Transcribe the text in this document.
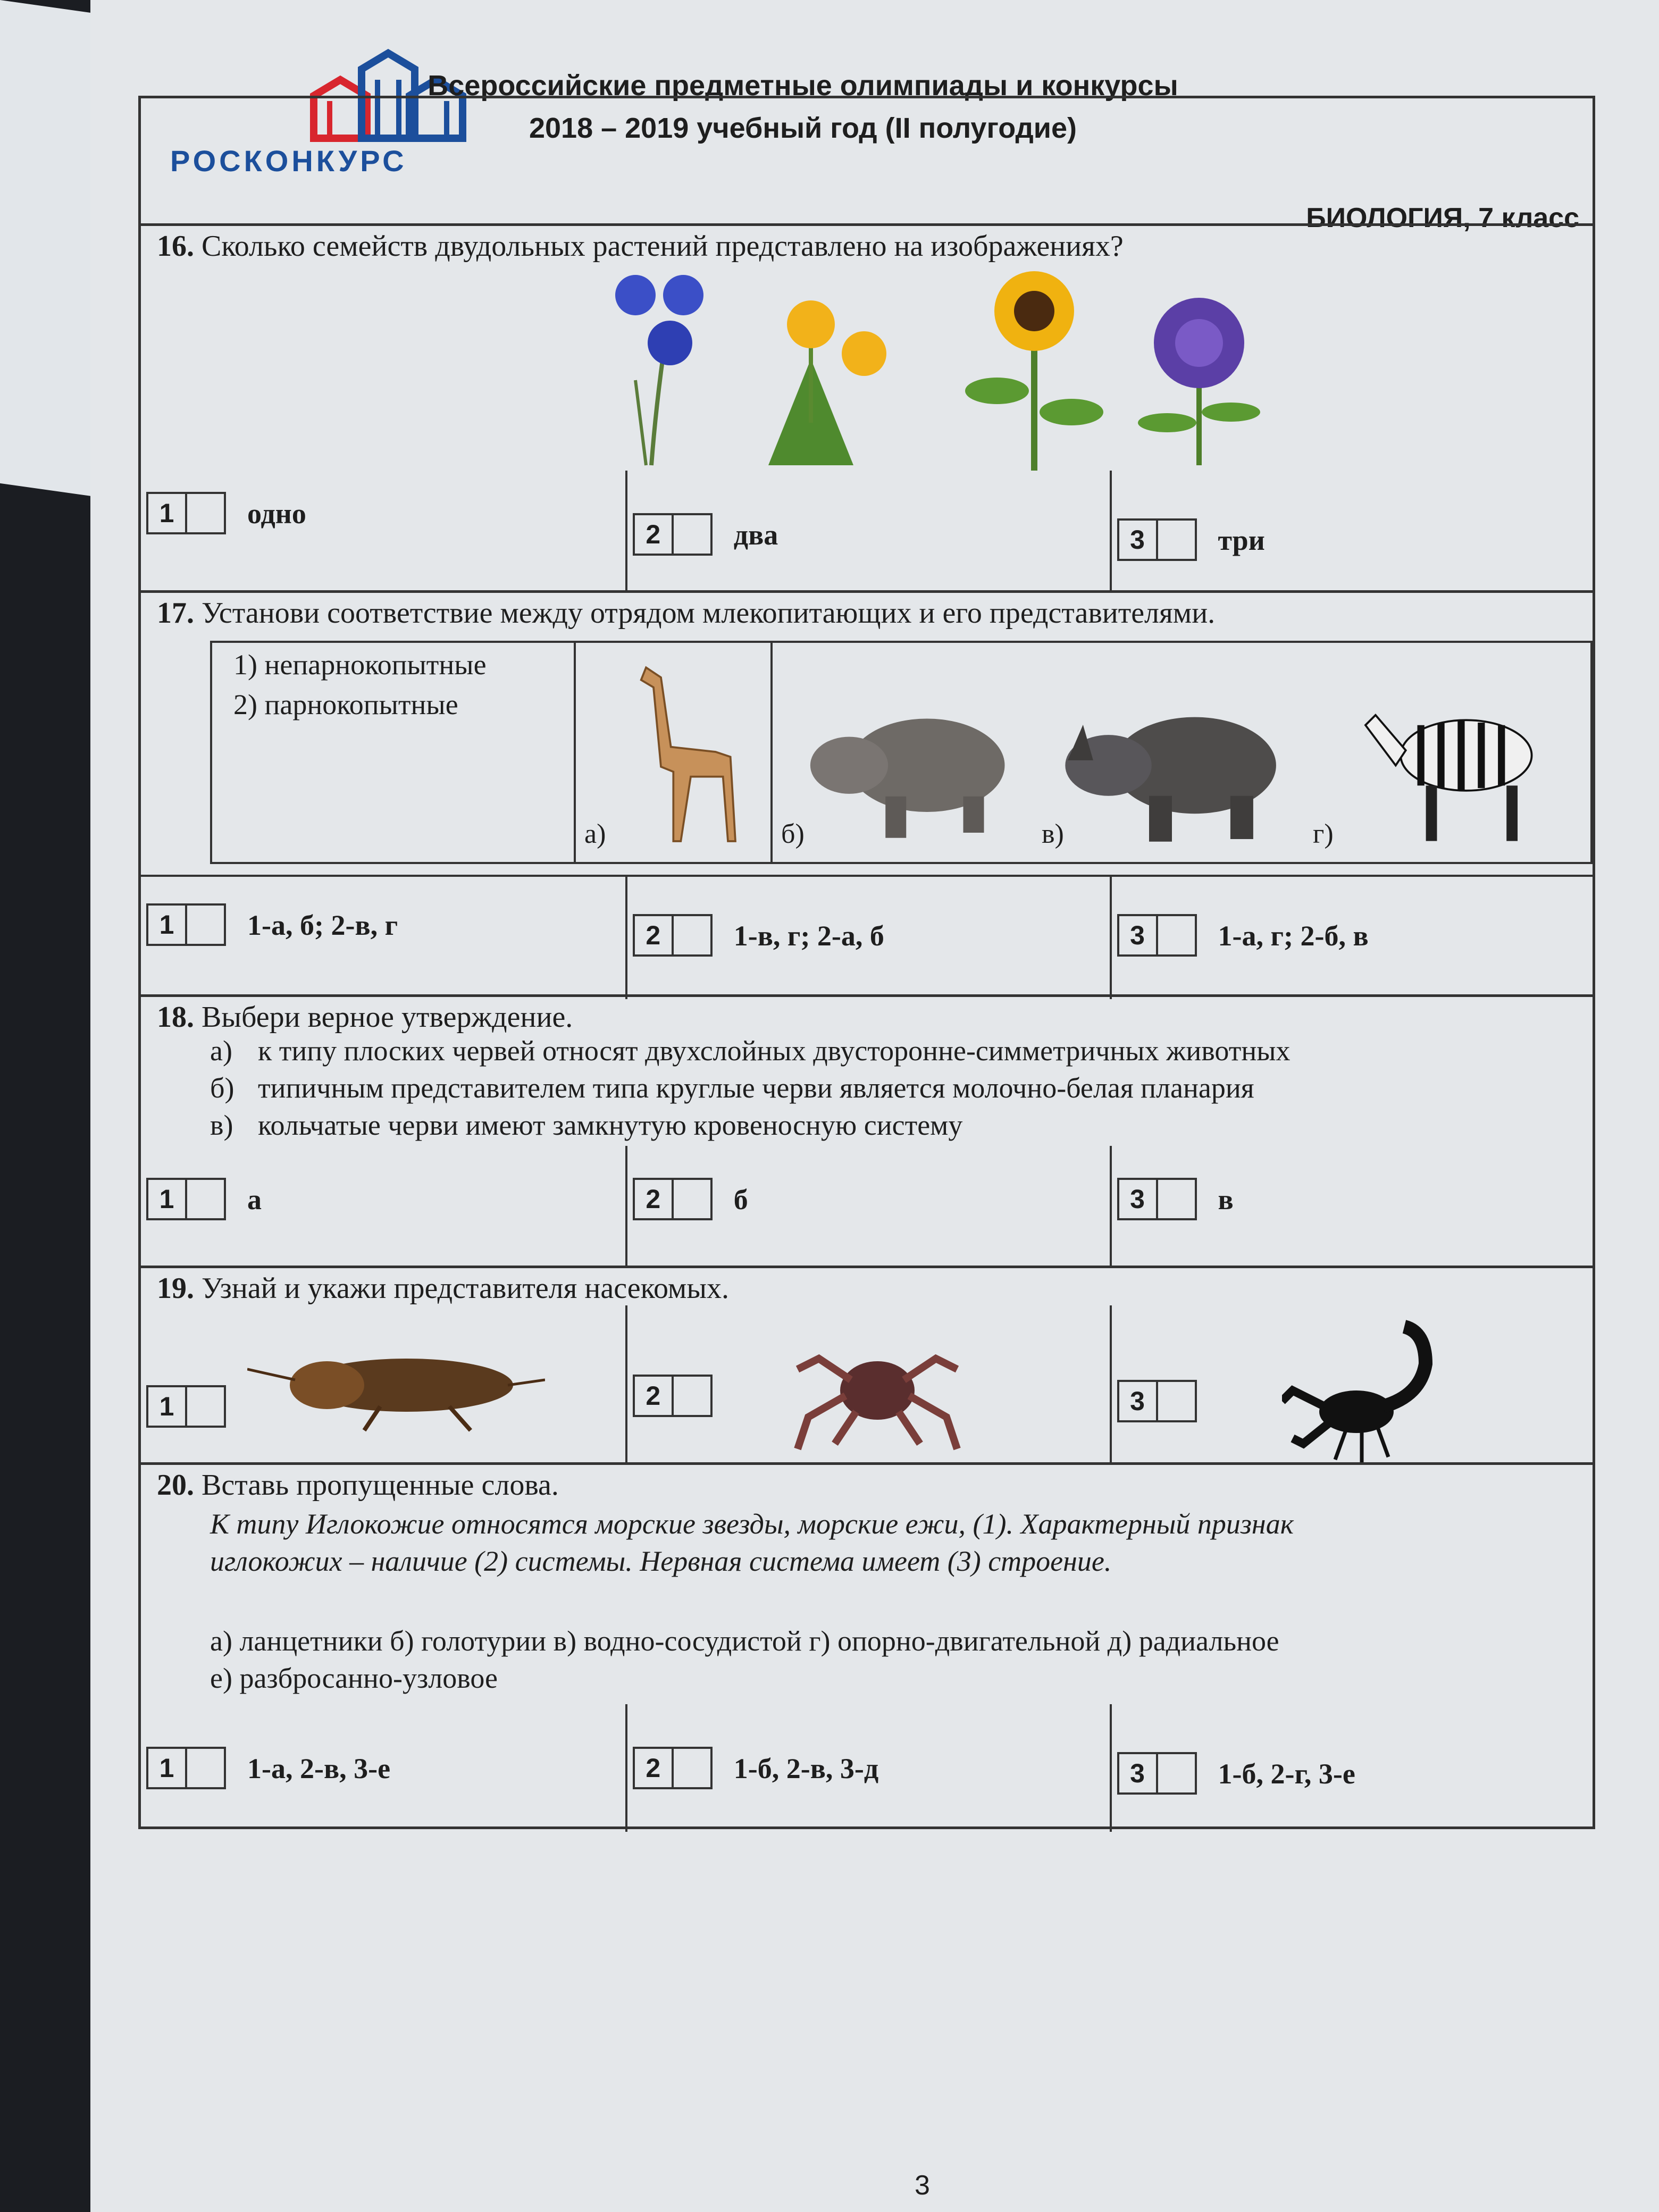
РОСКОНКУРС
Всероссийские предметные олимпиады и конкурсы
2018 – 2019 учебный год (II полугодие)
БИОЛОГИЯ, 7 класс
16. Сколько семейств двудольных растений представлено на изображениях?
1	одно
2	два	3	три
17. Установи соответствие между отрядом млекопитающих и его представителями.
1) непарнокопытные
2) парнокопытные
а)	б)	в)	г)
1	1-а, б; 2-в, г	2	1-в, г; 2-а, б	3	1-а, г; 2-б, в
18. Выбери верное утверждение.
а) к типу плоских червей относят двухслойных двусторонне-симметричных животных
б) типичным представителем типа круглые черви является молочно-белая планария
в) кольчатые черви имеют замкнутую кровеносную систему
1	а	2	б	3	в
19. Узнай и укажи представителя насекомых.
1	2	3
20. Вставь пропущенные слова.
К типу Иглокожие относятся морские звезды, морские ежи, (1). Характерный признак
иглокожих – наличие (2) системы. Нервная система имеет (3) строение.
а) ланцетники б) голотурии в) водно-сосудистой г) опорно-двигательной д) радиальное
е) разбросанно-узловое
1	1-а, 2-в, 3-е	2	1-б, 2-в, 3-д	3	1-б, 2-г, 3-е
3
